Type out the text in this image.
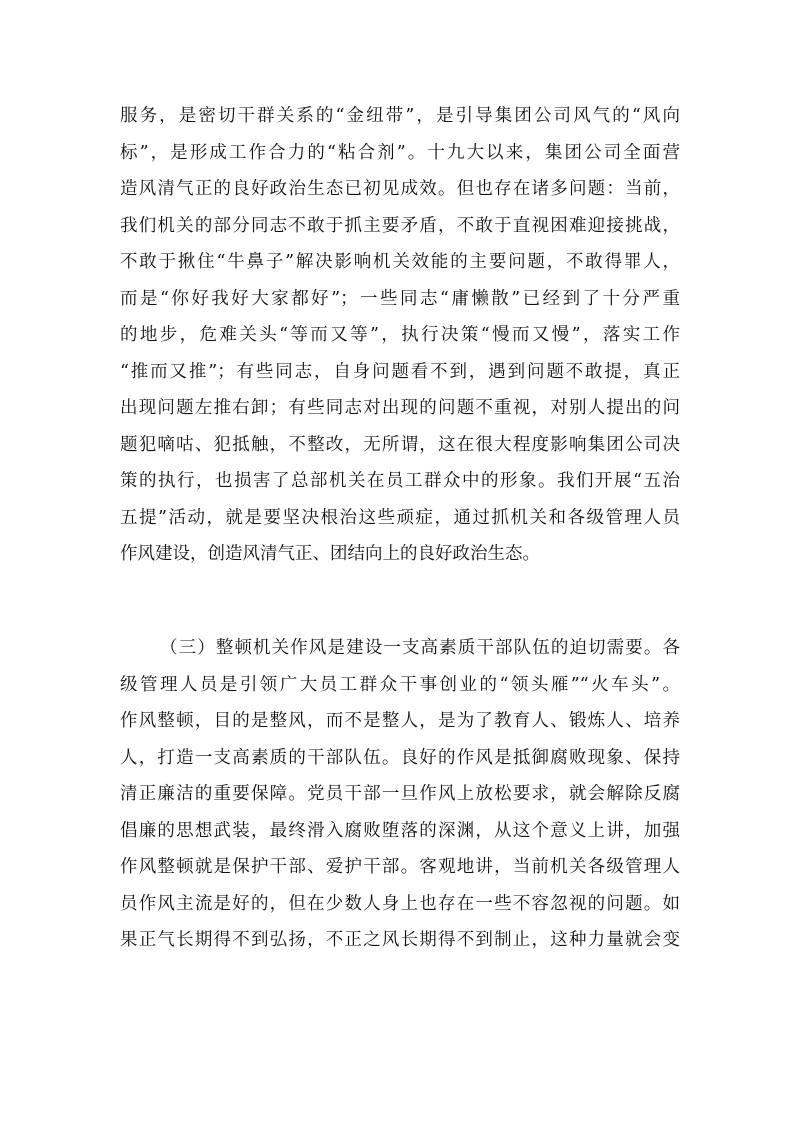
服务，是密切干群关系的“金纽带”，是引导集团公司风气的“风向
标”，是形成工作合力的“粘合剂”。十九大以来，集团公司全面营
造风清气正的良好政治生态已初见成效。但也存在诸多问题：当前，
我们机关的部分同志不敢于抓主要矛盾，不敢于直视困难迎接挑战，
不敢于揪住“牛鼻子”解决影响机关效能的主要问题，不敢得罪人，
而是“你好我好大家都好”；一些同志“庸懒散”已经到了十分严重
的地步，危难关头“等而又等”，执行决策“慢而又慢”，落实工作
“推而又推”；有些同志，自身问题看不到，遇到问题不敢提，真正
出现问题左推右卸；有些同志对出现的问题不重视，对别人提出的问
题犯嘀咕、犯抵触，不整改，无所谓，这在很大程度影响集团公司决
策的执行，也损害了总部机关在员工群众中的形象。我们开展“五治
五提”活动，就是要坚决根治这些顽症，通过抓机关和各级管理人员
作风建设，创造风清气正、团结向上的良好政治生态。
（三）整顿机关作风是建设一支高素质干部队伍的迫切需要。各
级管理人员是引领广大员工群众干事创业的“领头雁”“火车头”。
作风整顿，目的是整风，而不是整人，是为了教育人、锻炼人、培养
人，打造一支高素质的干部队伍。良好的作风是抵御腐败现象、保持
清正廉洁的重要保障。党员干部一旦作风上放松要求，就会解除反腐
倡廉的思想武装，最终滑入腐败堕落的深渊，从这个意义上讲，加强
作风整顿就是保护干部、爱护干部。客观地讲，当前机关各级管理人
员作风主流是好的，但在少数人身上也存在一些不容忽视的问题。如
果正气长期得不到弘扬，不正之风长期得不到制止，这种力量就会变
